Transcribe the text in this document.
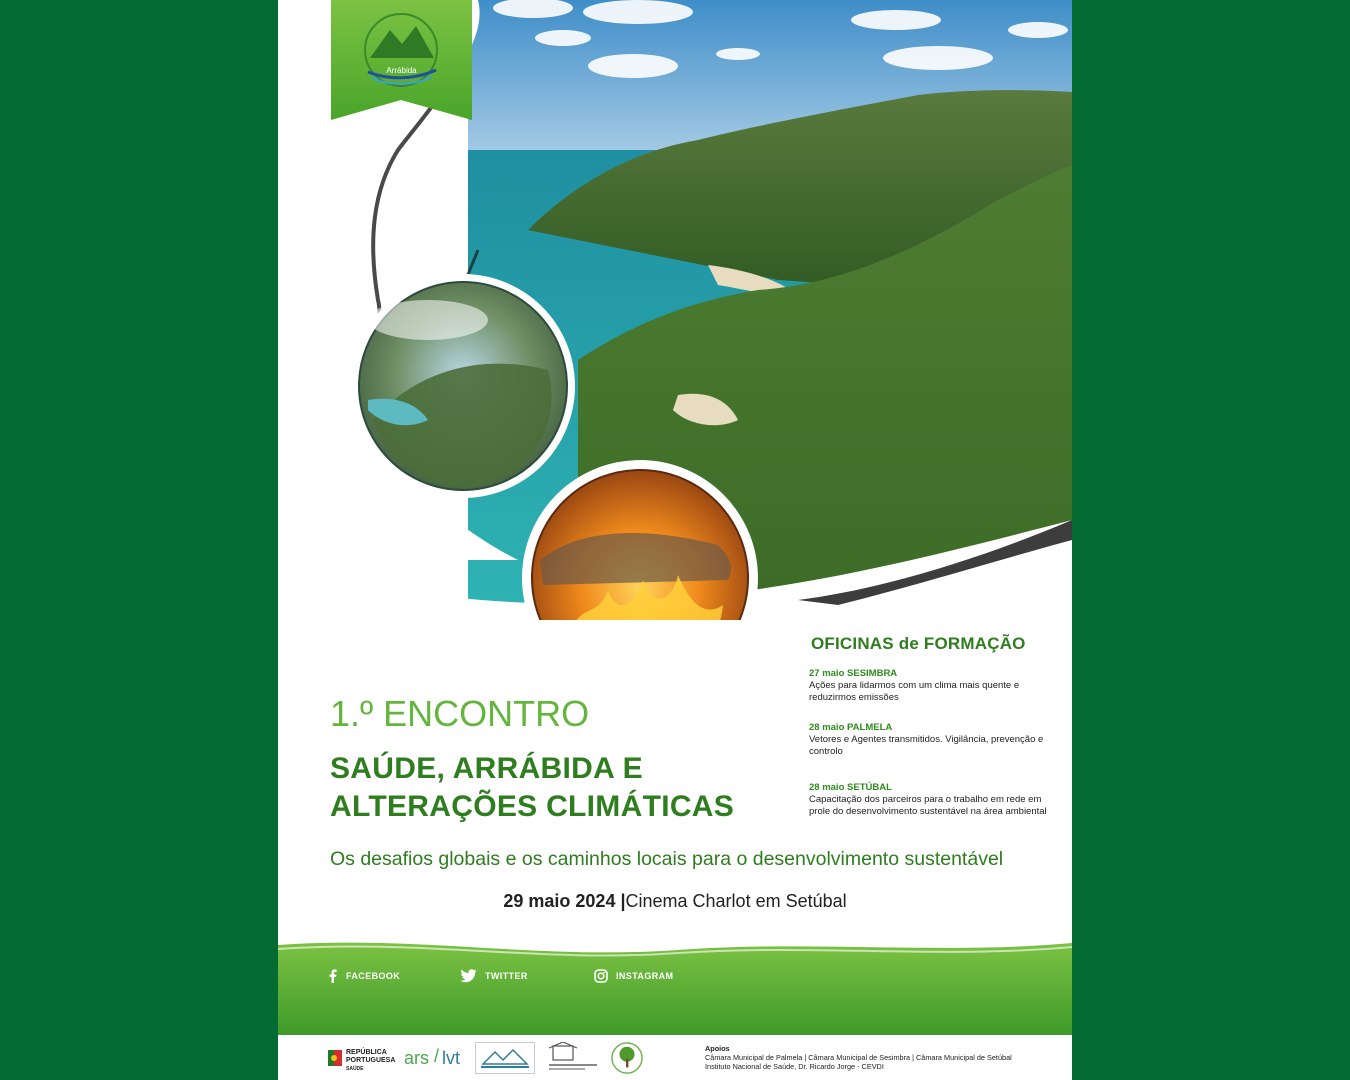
Arrábida
OFICINAS de FORMAÇÃO
27 maio SESIMBRA
Ações para lidarmos com um clima mais quente e reduzirmos emissões
28 maio PALMELA
Vetores e Agentes transmitidos. Vigilância, prevenção e controlo
28 maio SETÚBAL
Capacitação dos parceiros para o trabalho em rede em prole do desenvolvimento sustentável na área ambiental
1.º ENCONTRO
SAÚDE, ARRÁBIDA E
ALTERAÇÕES CLIMÁTICAS
Os desafios globais e os caminhos locais para o desenvolvimento sustentável
29 maio 2024 |Cinema Charlot em Setúbal
FACEBOOK	TWITTER	INSTAGRAM
REPÚBLICA
PORTUGUESA
SAÚDE
ars / lvt	Apoios
Câmara Municipal de Palmela | Câmara Municipal de Sesimbra | Câmara Municipal de Setúbal
Instituto Nacional de Saúde, Dr. Ricardo Jorge - CEVDI
